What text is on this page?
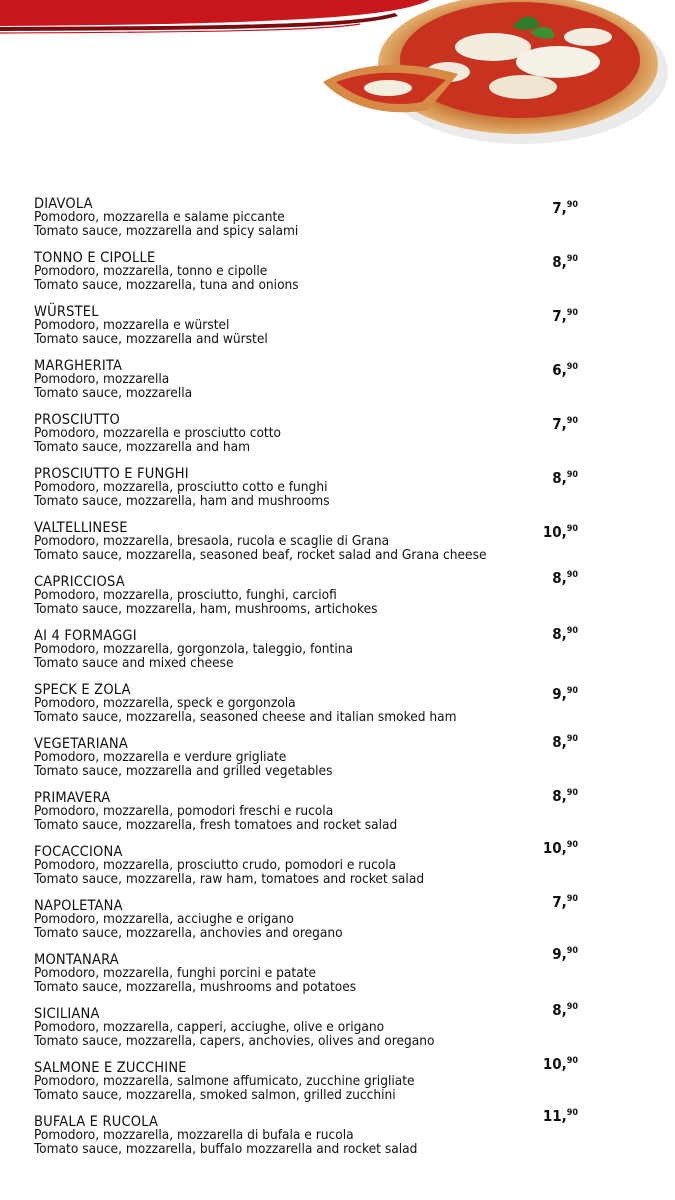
DIAVOLA
Pomodoro, mozzarella e salame piccante
Tomato sauce, mozzarella and spicy salami
7,90
TONNO E CIPOLLE
Pomodoro, mozzarella, tonno e cipolle
Tomato sauce, mozzarella, tuna and onions
8,90
WÜRSTEL
Pomodoro, mozzarella e würstel
Tomato sauce, mozzarella and würstel
7,90
MARGHERITA
Pomodoro, mozzarella
Tomato sauce, mozzarella
6,90
PROSCIUTTO
Pomodoro, mozzarella e prosciutto cotto
Tomato sauce, mozzarella and ham
7,90
PROSCIUTTO E FUNGHI
Pomodoro, mozzarella, prosciutto cotto e funghi
Tomato sauce, mozzarella, ham and mushrooms
8,90
VALTELLINESE
Pomodoro, mozzarella, bresaola, rucola e scaglie di Grana
Tomato sauce, mozzarella, seasoned beaf, rocket salad and Grana cheese
10,90
CAPRICCIOSA
Pomodoro, mozzarella, prosciutto, funghi, carciofi
Tomato sauce, mozzarella, ham, mushrooms, artichokes
8,90
AI 4 FORMAGGI
Pomodoro, mozzarella, gorgonzola, taleggio, fontina
Tomato sauce and mixed cheese
8,90
SPECK E ZOLA
Pomodoro, mozzarella, speck e gorgonzola
Tomato sauce, mozzarella, seasoned cheese and italian smoked ham
9,90
VEGETARIANA
Pomodoro, mozzarella e verdure grigliate
Tomato sauce, mozzarella and grilled vegetables
8,90
PRIMAVERA
Pomodoro, mozzarella, pomodori freschi e rucola
Tomato sauce, mozzarella, fresh tomatoes and rocket salad
8,90
FOCACCIONA
Pomodoro, mozzarella, prosciutto crudo, pomodori e rucola
Tomato sauce, mozzarella, raw ham, tomatoes and rocket salad
10,90
NAPOLETANA
Pomodoro, mozzarella, acciughe e origano
Tomato sauce, mozzarella, anchovies and oregano
7,90
MONTANARA
Pomodoro, mozzarella, funghi porcini e patate
Tomato sauce, mozzarella, mushrooms and potatoes
9,90
SICILIANA
Pomodoro, mozzarella, capperi, acciughe, olive e origano
Tomato sauce, mozzarella, capers, anchovies, olives and oregano
8,90
SALMONE E ZUCCHINE
Pomodoro, mozzarella, salmone affumicato, zucchine grigliate
Tomato sauce, mozzarella, smoked salmon, grilled zucchini
10,90
BUFALA E RUCOLA
Pomodoro, mozzarella, mozzarella di bufala e rucola
Tomato sauce, mozzarella, buffalo mozzarella and rocket salad
11,90
